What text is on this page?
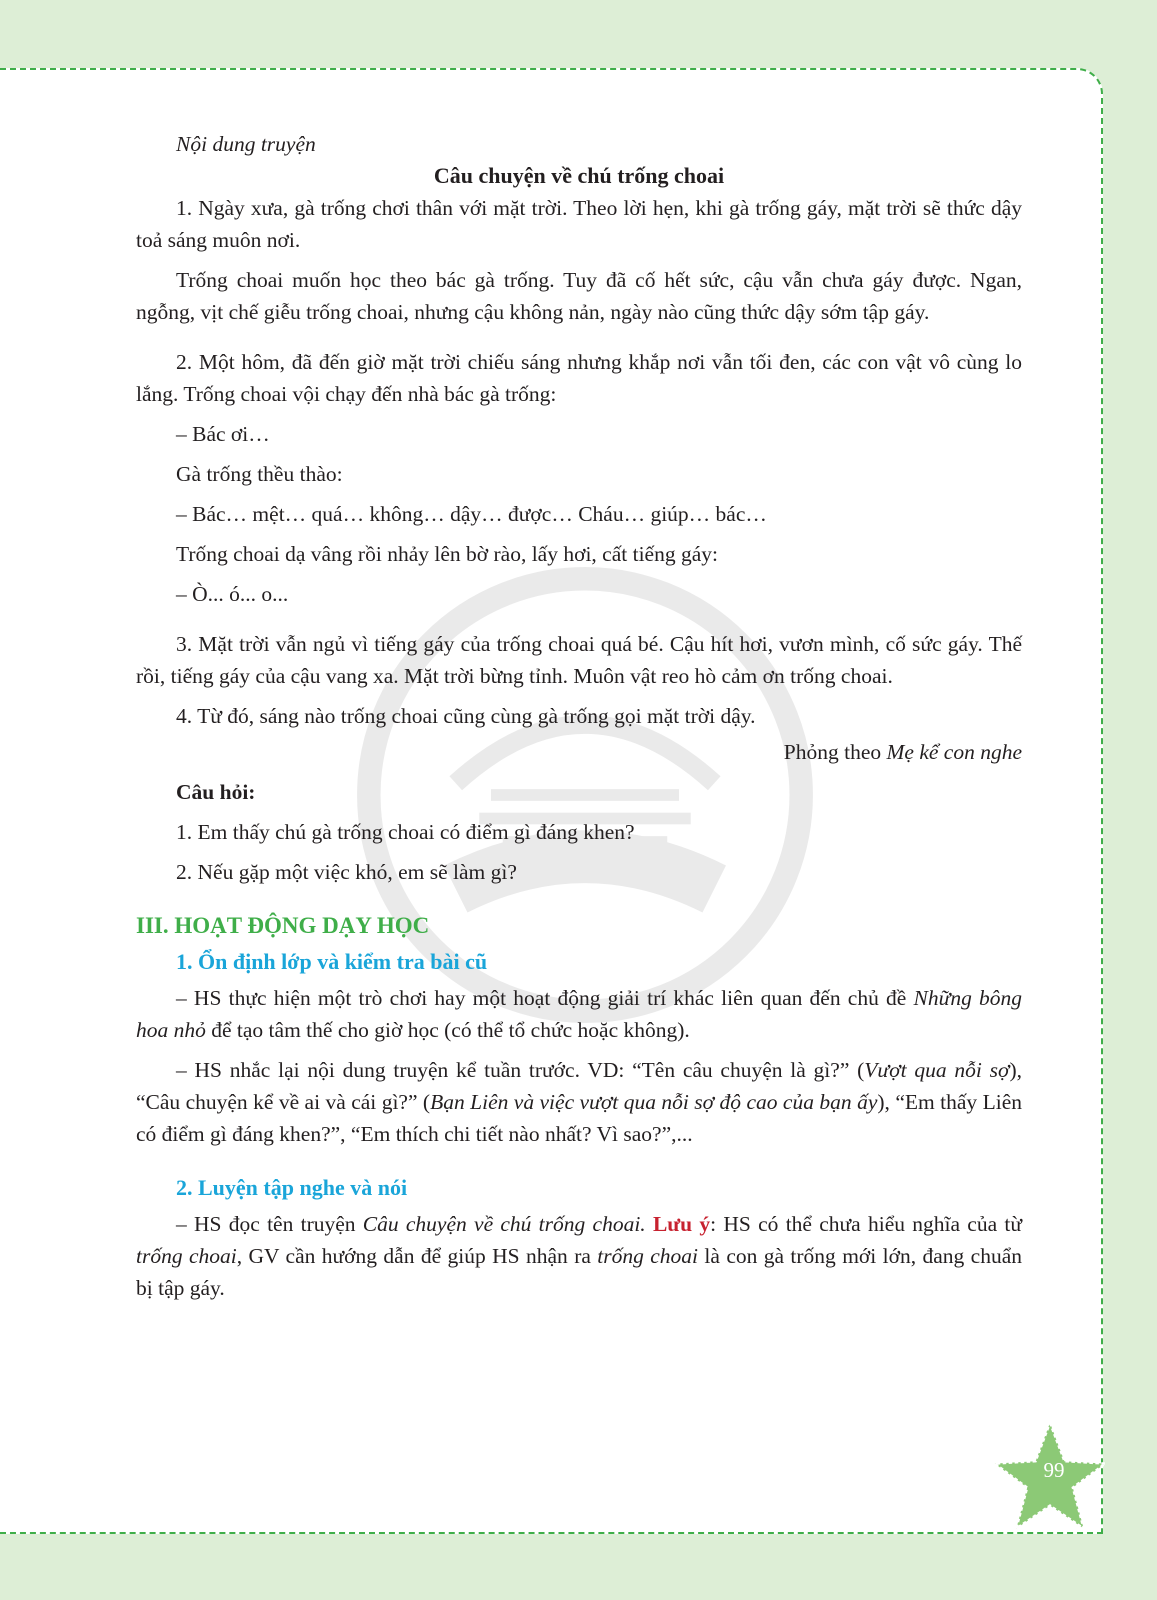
Nội dung truyện

Câu chuyện về chú trống choai

1. Ngày xưa, gà trống chơi thân với mặt trời. Theo lời hẹn, khi gà trống gáy, mặt trời sẽ thức dậy toả sáng muôn nơi.

Trống choai muốn học theo bác gà trống. Tuy đã cố hết sức, cậu vẫn chưa gáy được. Ngan, ngỗng, vịt chế giễu trống choai, nhưng cậu không nản, ngày nào cũng thức dậy sớm tập gáy.

2. Một hôm, đã đến giờ mặt trời chiếu sáng nhưng khắp nơi vẫn tối đen, các con vật vô cùng lo lắng. Trống choai vội chạy đến nhà bác gà trống:

– Bác ơi…

Gà trống thều thào:

– Bác… mệt… quá… không… dậy… được… Cháu… giúp… bác…

Trống choai dạ vâng rồi nhảy lên bờ rào, lấy hơi, cất tiếng gáy:

– Ò... ó... o...

3. Mặt trời vẫn ngủ vì tiếng gáy của trống choai quá bé. Cậu hít hơi, vươn mình, cố sức gáy. Thế rồi, tiếng gáy của cậu vang xa. Mặt trời bừng tỉnh. Muôn vật reo hò cảm ơn trống choai.

4. Từ đó, sáng nào trống choai cũng cùng gà trống gọi mặt trời dậy.

Phỏng theo Mẹ kể con nghe

Câu hỏi:

1. Em thấy chú gà trống choai có điểm gì đáng khen?

2. Nếu gặp một việc khó, em sẽ làm gì?

III. HOẠT ĐỘNG DẠY HỌC

1. Ổn định lớp và kiểm tra bài cũ

– HS thực hiện một trò chơi hay một hoạt động giải trí khác liên quan đến chủ đề Những bông hoa nhỏ để tạo tâm thế cho giờ học (có thể tổ chức hoặc không).

– HS nhắc lại nội dung truyện kể tuần trước. VD: “Tên câu chuyện là gì?” (Vượt qua nỗi sợ), “Câu chuyện kể về ai và cái gì?” (Bạn Liên và việc vượt qua nỗi sợ độ cao của bạn ấy), “Em thấy Liên có điểm gì đáng khen?”, “Em thích chi tiết nào nhất? Vì sao?”,...

2. Luyện tập nghe và nói

– HS đọc tên truyện Câu chuyện về chú trống choai. Lưu ý: HS có thể chưa hiểu nghĩa của từ trống choai, GV cần hướng dẫn để giúp HS nhận ra trống choai là con gà trống mới lớn, đang chuẩn bị tập gáy.

99
